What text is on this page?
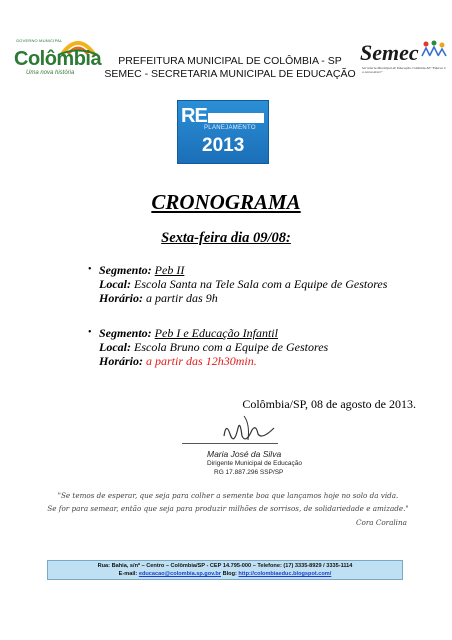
GOVERNO MUNICIPAL
Colômbia
Uma nova história
PREFEITURA MUNICIPAL DE COLÔMBIA - SP
SEMEC - SECRETARIA MUNICIPAL DE EDUCAÇÃO
Semec
Secretaria Municipal de Educação Colômbia-SP "Educar é o nosso dever"
RE
PLANEJAMENTO
2013
CRONOGRAMA
Sexta-feira dia 09/08:
• Segmento: Peb II
Local: Escola Santa na Tele Sala com a Equipe de Gestores
Horário: a partir das 9h
• Segmento: Peb I e Educação Infantil
Local: Escola Bruno com a Equipe de Gestores
Horário: a partir das 12h30min.
Colômbia/SP, 08 de agosto de 2013.
Maria José da Silva
Dirigente Municipal de Educação
RG 17.887.296 SSP/SP
"Se temos de esperar, que seja para colher a semente boa que lançamos hoje no solo da vida.
Se for para semear, então que seja para produzir milhões de sorrisos, de solidariedade e amizade."
Cora Coralina
Rua: Bahia, s/nº – Centro – Colômbia/SP - CEP 14.795-000 – Telefone: (17) 3335-8929 / 3335-1114
E-mail: educacao@colombia.sp.gov.br Blog: http://colombiaeduc.blogspot.com/
